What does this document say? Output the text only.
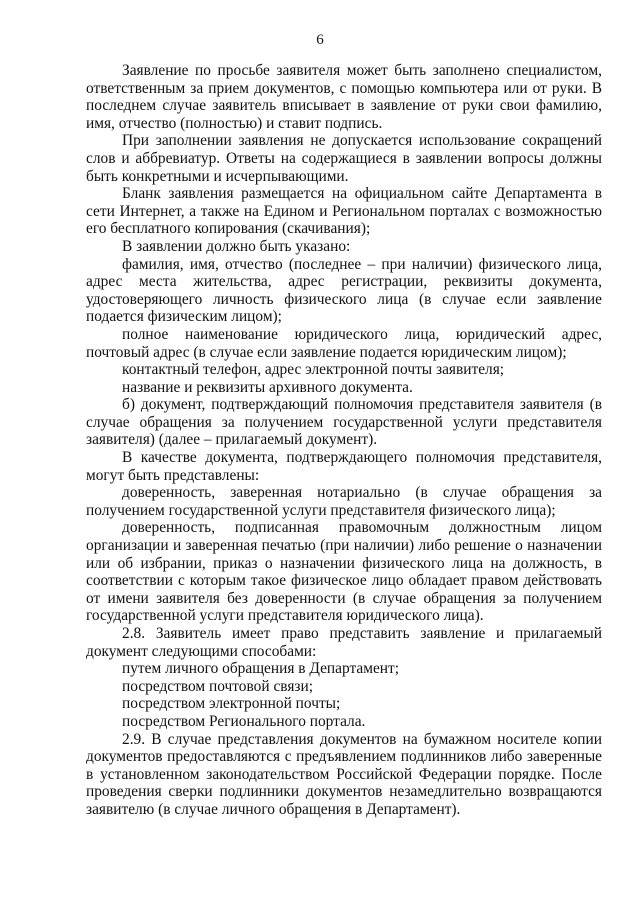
6

Заявление по просьбе заявителя может быть заполнено специалистом, ответственным за прием документов, с помощью компьютера или от руки. В последнем случае заявитель вписывает в заявление от руки свои фамилию, имя, отчество (полностью) и ставит подпись.

При заполнении заявления не допускается использование сокращений слов и аббревиатур. Ответы на содержащиеся в заявлении вопросы должны быть конкретными и исчерпывающими.

Бланк заявления размещается на официальном сайте Департамента в сети Интернет, а также на Едином и Региональном порталах с возможностью его бесплатного копирования (скачивания);

В заявлении должно быть указано:

фамилия, имя, отчество (последнее – при наличии) физического лица, адрес места жительства, адрес регистрации, реквизиты документа, удостоверяющего личность физического лица (в случае если заявление подается физическим лицом);

полное наименование юридического лица, юридический адрес, почтовый адрес (в случае если заявление подается юридическим лицом);

контактный телефон, адрес электронной почты заявителя;

название и реквизиты архивного документа.

б) документ, подтверждающий полномочия представителя заявителя (в случае обращения за получением государственной услуги представителя заявителя) (далее – прилагаемый документ).

В качестве документа, подтверждающего полномочия представителя, могут быть представлены:

доверенность, заверенная нотариально (в случае обращения за получением государственной услуги представителя физического лица);

доверенность, подписанная правомочным должностным лицом организации и заверенная печатью (при наличии) либо решение о назначении или об избрании, приказ о назначении физического лица на должность, в соответствии с которым такое физическое лицо обладает правом действовать от имени заявителя без доверенности (в случае обращения за получением государственной услуги представителя юридического лица).

2.8. Заявитель имеет право представить заявление и прилагаемый документ следующими способами:

путем личного обращения в Департамент;

посредством почтовой связи;

посредством электронной почты;

посредством Регионального портала.

2.9. В случае представления документов на бумажном носителе копии документов предоставляются с предъявлением подлинников либо заверенные в установленном законодательством Российской Федерации порядке. После проведения сверки подлинники документов незамедлительно возвращаются заявителю (в случае личного обращения в Департамент).
